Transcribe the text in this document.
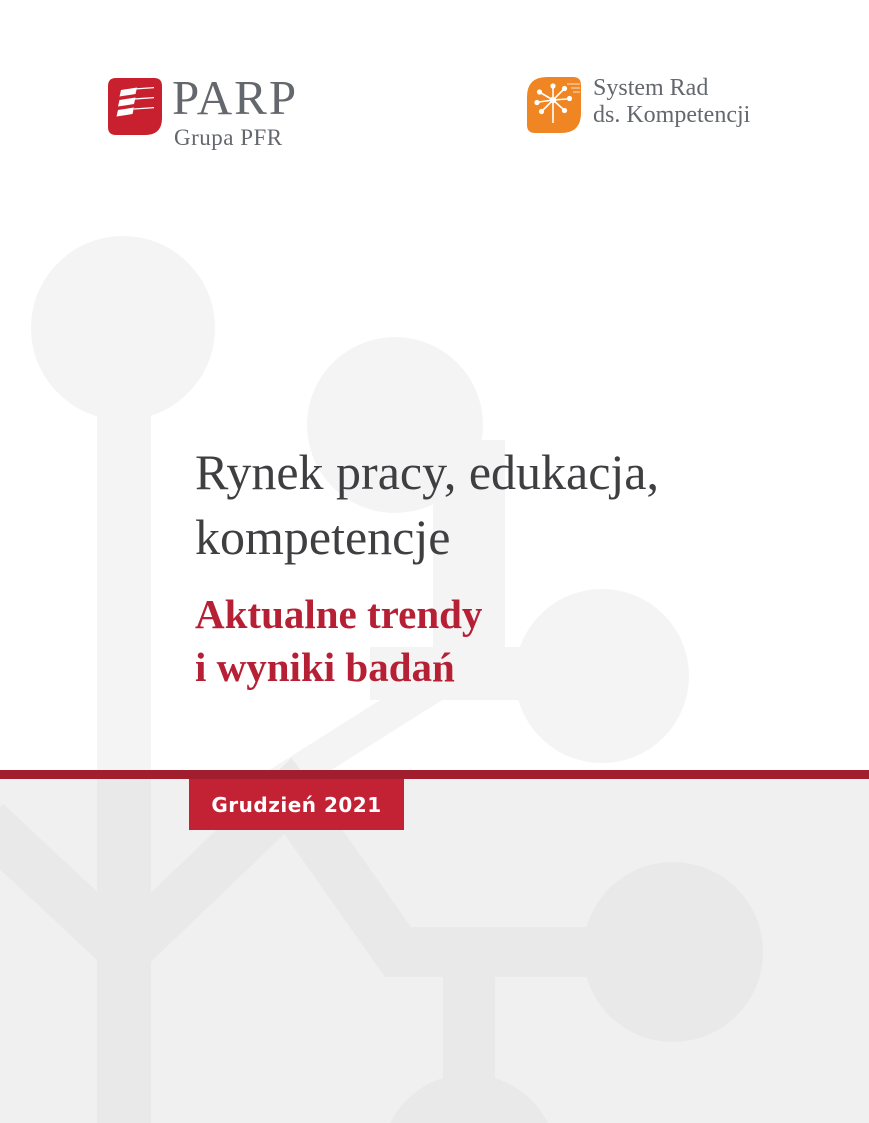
PARP
Grupa PFR
System Rad
ds. Kompetencji
Rynek pracy, edukacja,
kompetencje
Aktualne trendy
i wyniki badań
Grudzień 2021
